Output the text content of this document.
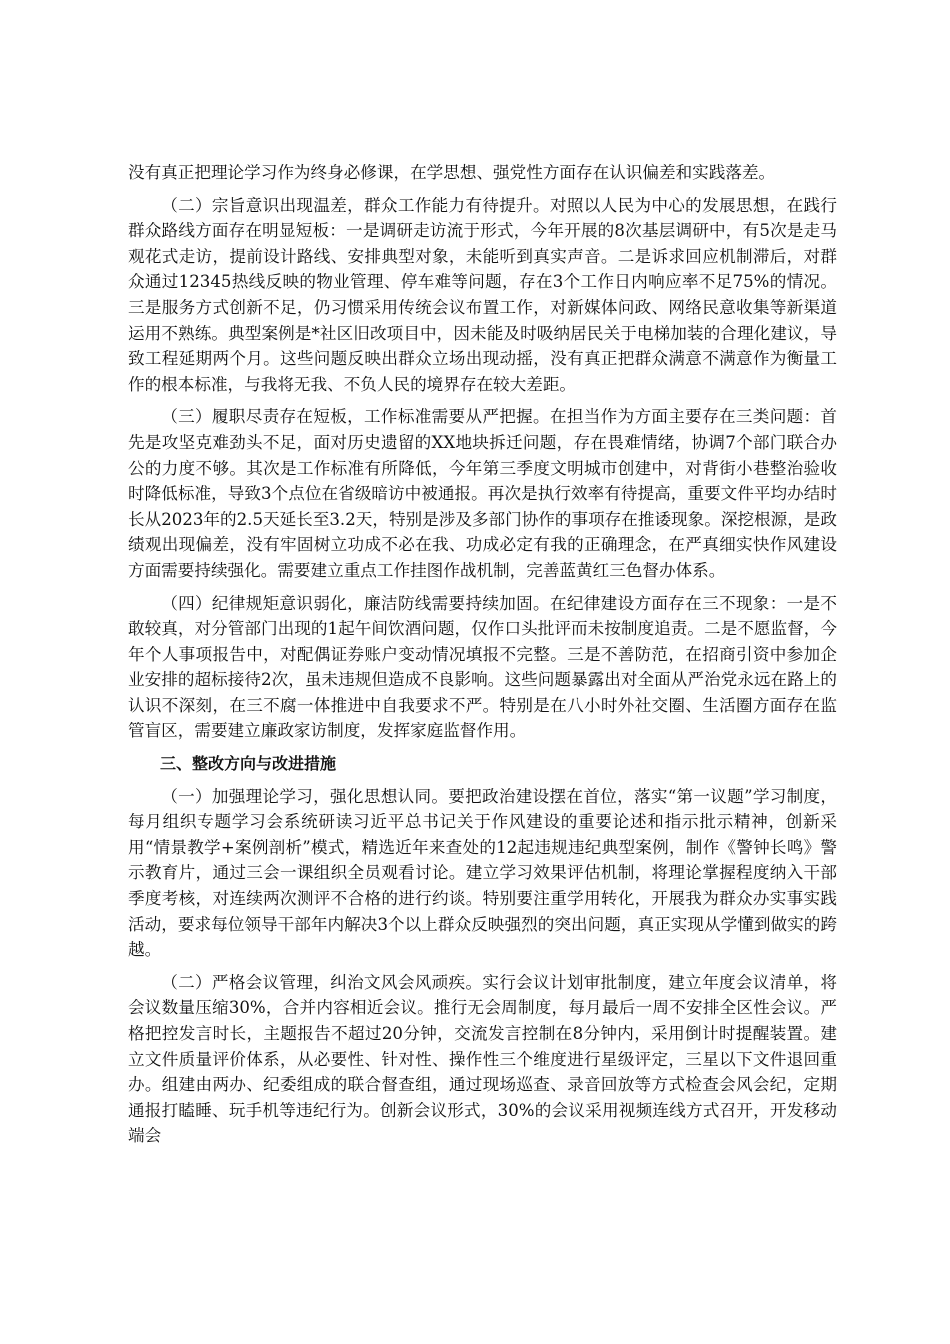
没有真正把理论学习作为终身必修课，在学思想、强党性方面存在认识偏差和实践落差。

（二）宗旨意识出现温差，群众工作能力有待提升。对照以人民为中心的发展思想，在践行群众路线方面存在明显短板：一是调研走访流于形式，今年开展的8次基层调研中，有5次是走马观花式走访，提前设计路线、安排典型对象，未能听到真实声音。二是诉求回应机制滞后，对群众通过12345热线反映的物业管理、停车难等问题，存在3个工作日内响应率不足75%的情况。三是服务方式创新不足，仍习惯采用传统会议布置工作，对新媒体问政、网络民意收集等新渠道运用不熟练。典型案例是*社区旧改项目中，因未能及时吸纳居民关于电梯加装的合理化建议，导致工程延期两个月。这些问题反映出群众立场出现动摇，没有真正把群众满意不满意作为衡量工作的根本标准，与我将无我、不负人民的境界存在较大差距。

（三）履职尽责存在短板，工作标准需要从严把握。在担当作为方面主要存在三类问题：首先是攻坚克难劲头不足，面对历史遗留的XX地块拆迁问题，存在畏难情绪，协调7个部门联合办公的力度不够。其次是工作标准有所降低，今年第三季度文明城市创建中，对背街小巷整治验收时降低标准，导致3个点位在省级暗访中被通报。再次是执行效率有待提高，重要文件平均办结时长从2023年的2.5天延长至3.2天，特别是涉及多部门协作的事项存在推诿现象。深挖根源，是政绩观出现偏差，没有牢固树立功成不必在我、功成必定有我的正确理念，在严真细实快作风建设方面需要持续强化。需要建立重点工作挂图作战机制，完善蓝黄红三色督办体系。

（四）纪律规矩意识弱化，廉洁防线需要持续加固。在纪律建设方面存在三不现象：一是不敢较真，对分管部门出现的1起午间饮酒问题，仅作口头批评而未按制度追责。二是不愿监督，今年个人事项报告中，对配偶证券账户变动情况填报不完整。三是不善防范，在招商引资中参加企业安排的超标接待2次，虽未违规但造成不良影响。这些问题暴露出对全面从严治党永远在路上的认识不深刻，在三不腐一体推进中自我要求不严。特别是在八小时外社交圈、生活圈方面存在监管盲区，需要建立廉政家访制度，发挥家庭监督作用。

三、整改方向与改进措施

（一）加强理论学习，强化思想认同。要把政治建设摆在首位，落实“第一议题”学习制度，每月组织专题学习会系统研读习近平总书记关于作风建设的重要论述和指示批示精神，创新采用“情景教学+案例剖析”模式，精选近年来查处的12起违规违纪典型案例，制作《警钟长鸣》警示教育片，通过三会一课组织全员观看讨论。建立学习效果评估机制，将理论掌握程度纳入干部季度考核，对连续两次测评不合格的进行约谈。特别要注重学用转化，开展我为群众办实事实践活动，要求每位领导干部年内解决3个以上群众反映强烈的突出问题，真正实现从学懂到做实的跨越。

（二）严格会议管理，纠治文风会风顽疾。实行会议计划审批制度，建立年度会议清单，将会议数量压缩30%，合并内容相近会议。推行无会周制度，每月最后一周不安排全区性会议。严格把控发言时长，主题报告不超过20分钟，交流发言控制在8分钟内，采用倒计时提醒装置。建立文件质量评价体系，从必要性、针对性、操作性三个维度进行星级评定，三星以下文件退回重办。组建由两办、纪委组成的联合督查组，通过现场巡查、录音回放等方式检查会风会纪，定期通报打瞌睡、玩手机等违纪行为。创新会议形式，30%的会议采用视频连线方式召开，开发移动端会
